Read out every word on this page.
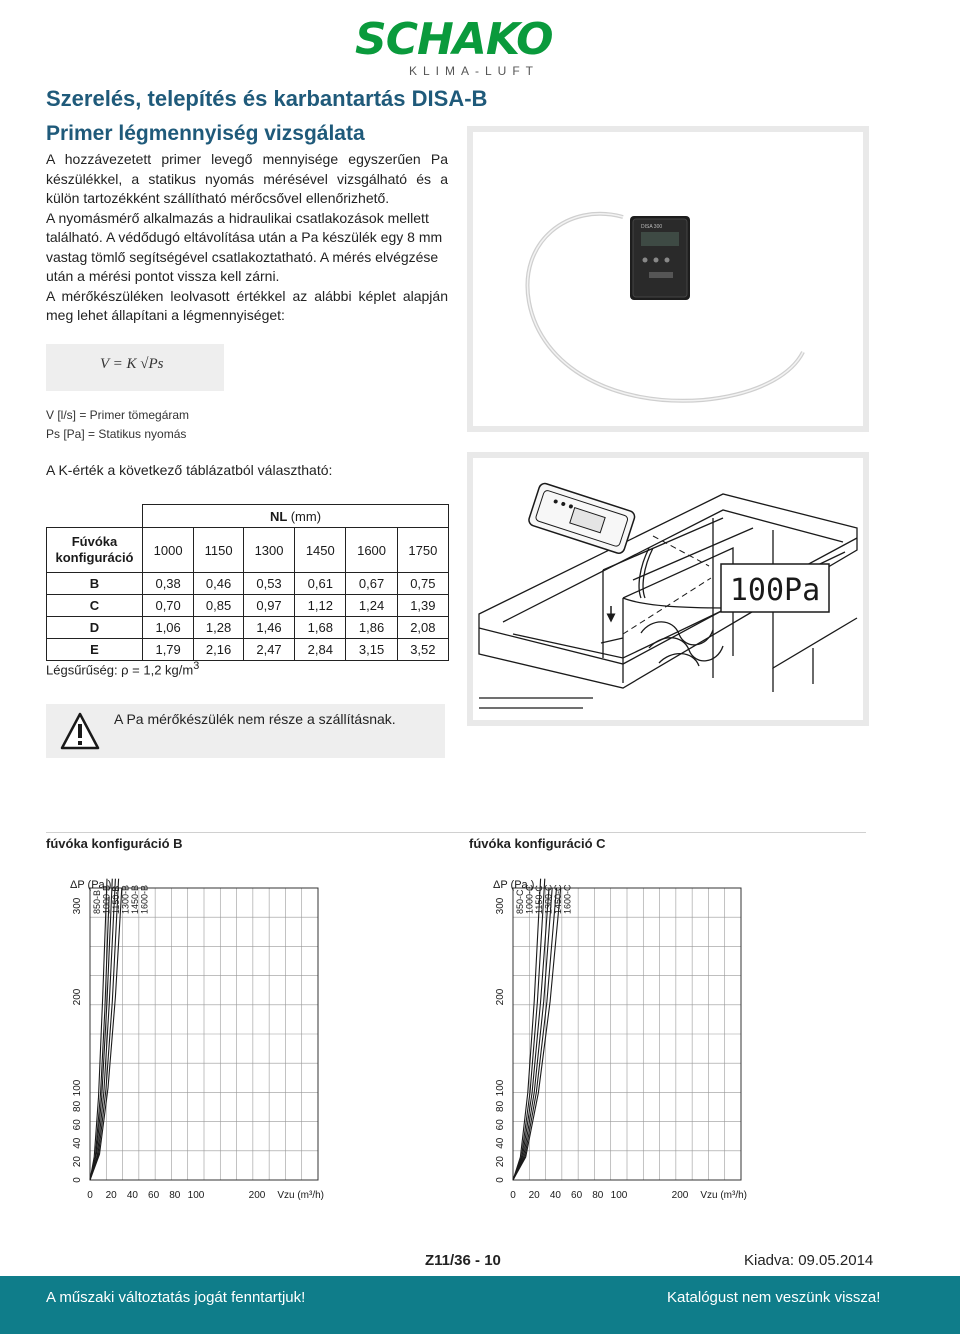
SCHAKO
KLIMA-LUFT
Szerelés, telepítés és karbantartás DISA-B
Primer légmennyiség vizsgálata

A hozzávezetett primer levegő mennyisége egyszerűen Pa készülékkel, a statikus nyomás mérésével vizsgálható és a külön tartozékként szállítható mérőcsővel ellenőrizhető.

A nyomásmérő alkalmazás a hidraulikai csatlakozások mellett található. A védődugó eltávolítása után a Pa készülék egy 8 mm vastag tömlő segítségével csatlakoztatható. A mérés elvégzése után a mérési pontot vissza kell zárni.

A mérőkészüléken leolvasott értékkel az alábbi képlet alapján meg lehet állapítani a légmennyiséget:

V = K √Ps
V [l/s] = Primer tömegáram
Ps [Pa] = Statikus nyomás
A K-érték a következő táblázatból választható:
	NL (mm)					
Fúvóka konfiguráció	1000	1150	1300	1450	1600	1750
B	0,38	0,46	0,53	0,61	0,67	0,75
C	0,70	0,85	0,97	1,12	1,24	1,39
D	1,06	1,28	1,46	1,68	1,86	2,08
E	1,79	2,16	2,47	2,84	3,15	3,52
Légsűrűség: ρ = 1,2 $kg/m^3$
DISA 300
100Pa
A Pa mérőkészülék nem része a szállításnak.
fúvóka konfiguráció B	fúvóka konfiguráció C
850-B 1000-B 1150-B 1300-B 1450-B 1600-B
ΔP (Pa.)
0
20
40
60
80
100
200
300
0 20 40 60 80 100	200 Vzu (m³/h)
850-C 1000-C 1150-C 1300-C 1450-C 1600-C
ΔP (Pa.)
0
20
40
60
80
100
200
300
0 20 40 60 80 100	200 Vzu (m³/h)
Z11/36 - 10	Kiadva: 09.05.2014
A műszaki változtatás jogát fenntartjuk!	Katalógust nem veszünk vissza!
